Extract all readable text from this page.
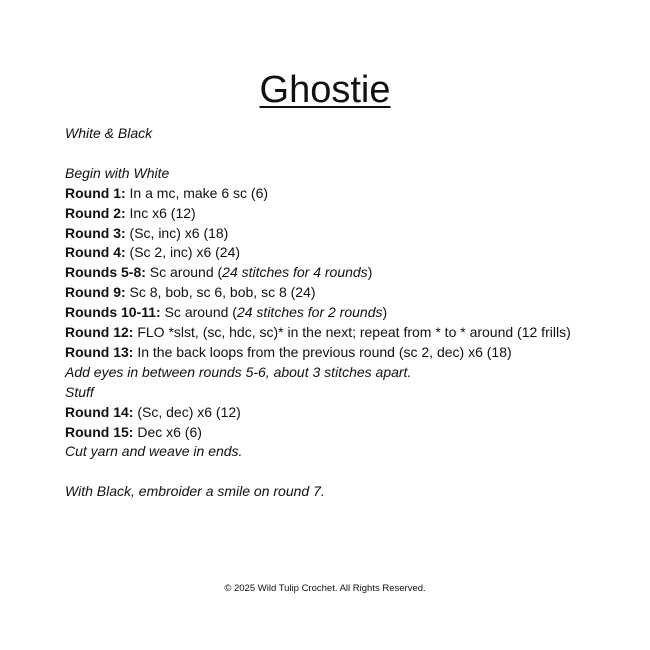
Ghostie
White & Black
Begin with White
Round 1: In a mc, make 6 sc (6)
Round 2: Inc x6 (12)
Round 3: (Sc, inc) x6 (18)
Round 4: (Sc 2, inc) x6 (24)
Rounds 5-8: Sc around (24 stitches for 4 rounds)
Round 9: Sc 8, bob, sc 6, bob, sc 8 (24)
Rounds 10-11: Sc around (24 stitches for 2 rounds)
Round 12: FLO *slst, (sc, hdc, sc)* in the next; repeat from * to * around (12 frills)
Round 13: In the back loops from the previous round (sc 2, dec) x6 (18)
Add eyes in between rounds 5-6, about 3 stitches apart.
Stuff
Round 14: (Sc, dec) x6 (12)
Round 15: Dec x6 (6)
Cut yarn and weave in ends.
With Black, embroider a smile on round 7.
© 2025 Wild Tulip Crochet. All Rights Reserved.
